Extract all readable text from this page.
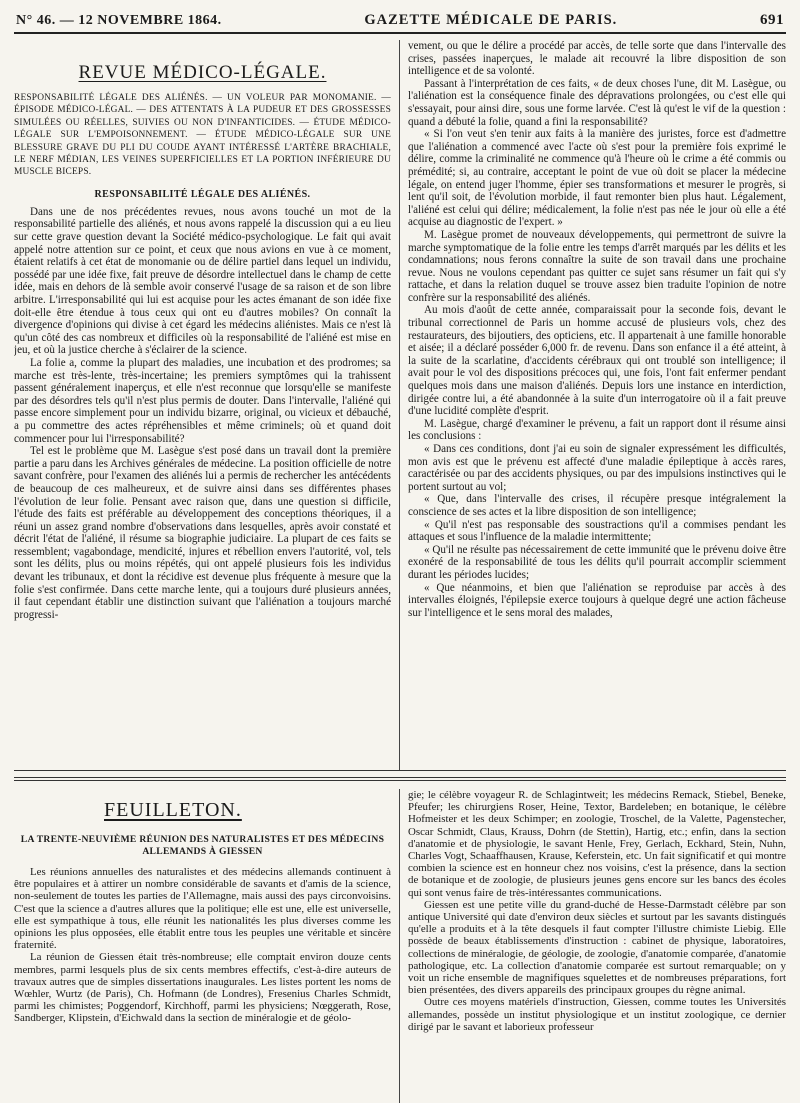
N° 46. — 12 NOVEMBRE 1864.	GAZETTE MÉDICALE DE PARIS.	691
REVUE MÉDICO-LÉGALE.
RESPONSABILITÉ LÉGALE DES ALIÉNÉS. — UN VOLEUR PAR MONOMANIE. — ÉPISODE MÉDICO-LÉGAL. — DES ATTENTATS À LA PUDEUR ET DES GROSSESSES SIMULÉES OU RÉELLES, SUIVIES OU NON D'INFANTICIDES. — ÉTUDE MÉDICO-LÉGALE SUR L'EMPOISONNEMENT. — ÉTUDE MÉDICO-LÉGALE SUR UNE BLESSURE GRAVE DU PLI DU COUDE AYANT INTÉRESSÉ L'ARTÈRE BRACHIALE, LE NERF MÉDIAN, LES VEINES SUPERFICIELLES ET LA PORTION INFÉRIEURE DU MUSCLE BICEPS.
RESPONSABILITÉ LÉGALE DES ALIÉNÉS.

Dans une de nos précédentes revues, nous avons touché un mot de la responsabilité partielle des aliénés, et nous avons rappelé la discussion qui a eu lieu sur cette grave question devant la Société médico-psychologique. Le fait qui avait appelé notre attention sur ce point, et ceux que nous avions en vue à ce moment, étaient relatifs à cet état de monomanie ou de délire partiel dans lequel un individu, possédé par une idée fixe, fait preuve de désordre intellectuel dans le champ de cette idée, mais en dehors de là semble avoir conservé l'usage de sa raison et de son libre arbitre. L'irresponsabilité qui lui est acquise pour les actes émanant de son idée fixe doit-elle être étendue à tous ceux qui ont eu d'autres mobiles? On connaît la divergence d'opinions qui divise à cet égard les médecins aliénistes. Mais ce n'est là qu'un côté des cas nombreux et difficiles où la responsabilité de l'aliéné est mise en jeu, et où la justice cherche à s'éclairer de la science.

La folie a, comme la plupart des maladies, une incubation et des prodromes; sa marche est très-lente, très-incertaine; les premiers symptômes qui la trahissent passent généralement inaperçus, et elle n'est reconnue que lorsqu'elle se manifeste par des désordres tels qu'il n'est plus permis de douter. Dans l'intervalle, l'aliéné qui passe encore simplement pour un individu bizarre, original, ou vicieux et débauché, a pu commettre des actes répréhensibles et même criminels; où et quand doit commencer pour lui l'irresponsabilité?

Tel est le problème que M. Lasègue s'est posé dans un travail dont la première partie a paru dans les Archives générales de médecine. La position officielle de notre savant confrère, pour l'examen des aliénés lui a permis de rechercher les antécédents de beaucoup de ces malheureux, et de suivre ainsi dans ses différentes phases l'évolution de leur folie. Pensant avec raison que, dans une question si difficile, l'étude des faits est préférable au développement des conceptions théoriques, il a réuni un assez grand nombre d'observations dans lesquelles, après avoir constaté et décrit l'état de l'aliéné, il résume sa biographie judiciaire. La plupart de ces faits se ressemblent; vagabondage, mendicité, injures et rébellion envers l'autorité, vol, tels sont les délits, plus ou moins répétés, qui ont appelé plusieurs fois les individus devant les tribunaux, et dont la récidive est devenue plus fréquente à mesure que la folie s'est confirmée. Dans cette marche lente, qui a toujours duré plusieurs années, il faut cependant établir une distinction suivant que l'aliénation a toujours marché progressi-

vement, ou que le délire a procédé par accès, de telle sorte que dans l'intervalle des crises, passées inaperçues, le malade ait recouvré la libre disposition de son intelligence et de sa volonté.

Passant à l'interprétation de ces faits, « de deux choses l'une, dit M. Lasègue, ou l'aliénation est la conséquence finale des dépravations prolongées, ou c'est elle qui s'essayait, pour ainsi dire, sous une forme larvée. C'est là qu'est le vif de la question : quand a débuté la folie, quand a fini la responsabilité?

« Si l'on veut s'en tenir aux faits à la manière des juristes, force est d'admettre que l'aliénation a commencé avec l'acte où s'est pour la première fois exprimé le délire, comme la criminalité ne commence qu'à l'heure où le crime a été commis ou prémédité; si, au contraire, acceptant le point de vue où doit se placer la médecine légale, on entend juger l'homme, épier ses transformations et mesurer le progrès, si lent qu'il soit, de l'évolution morbide, il faut remonter bien plus haut. Légalement, l'aliéné est celui qui délire; médicalement, la folie n'est pas née le jour où elle a été acquise au diagnostic de l'expert. »

M. Lasègue promet de nouveaux développements, qui permettront de suivre la marche symptomatique de la folie entre les temps d'arrêt marqués par les délits et les condamnations; nous ferons connaître la suite de son travail dans une prochaine revue. Nous ne voulons cependant pas quitter ce sujet sans résumer un fait qui s'y rattache, et dans la relation duquel se trouve assez bien traduite l'opinion de notre confrère sur la responsabilité des aliénés.

Au mois d'août de cette année, comparaissait pour la seconde fois, devant le tribunal correctionnel de Paris un homme accusé de plusieurs vols, chez des restaurateurs, des bijoutiers, des opticiens, etc. Il appartenait à une famille honorable et aisée; il a déclaré posséder 6,000 fr. de revenu. Dans son enfance il a été atteint, à la suite de la scarlatine, d'accidents cérébraux qui ont troublé son intelligence; il avait pour le vol des dispositions précoces qui, une fois, l'ont fait enfermer pendant quelques mois dans une maison d'aliénés. Depuis lors une instance en interdiction, dirigée contre lui, a été abandonnée à la suite d'un interrogatoire où il a fait preuve d'une lucidité complète d'esprit.

M. Lasègue, chargé d'examiner le prévenu, a fait un rapport dont il résume ainsi les conclusions :

« Dans ces conditions, dont j'ai eu soin de signaler expressément les difficultés, mon avis est que le prévenu est affecté d'une maladie épileptique à accès rares, caractérisée ou par des accidents physiques, ou par des impulsions instinctives qui le portent surtout au vol;

« Que, dans l'intervalle des crises, il récupère presque intégralement la conscience de ses actes et la libre disposition de son intelligence;

« Qu'il n'est pas responsable des soustractions qu'il a commises pendant les attaques et sous l'influence de la maladie intermittente;

« Qu'il ne résulte pas nécessairement de cette immunité que le prévenu doive être exonéré de la responsabilité de tous les délits qu'il pourrait accomplir sciemment durant les périodes lucides;

« Que néanmoins, et bien que l'aliénation se reproduise par accès à des intervalles éloignés, l'épilepsie exerce toujours à quelque degré une action fâcheuse sur l'intelligence et le sens moral des malades,

FEUILLETON.
LA TRENTE-NEUVIÈME RÉUNION DES NATURALISTES ET DES MÉDECINS ALLEMANDS À GIESSEN

Les réunions annuelles des naturalistes et des médecins allemands continuent à être populaires et à attirer un nombre considérable de savants et d'amis de la science, non-seulement de toutes les parties de l'Allemagne, mais aussi des pays circonvoisins. C'est que la science a d'autres allures que la politique; elle est une, elle est universelle, elle est sympathique à tous, elle réunit les nationalités les plus diverses comme les opinions les plus opposées, elle établit entre tous les peuples une véritable et sincère fraternité.

La réunion de Giessen était très-nombreuse; elle comptait environ douze cents membres, parmi lesquels plus de six cents membres effectifs, c'est-à-dire auteurs de travaux autres que de simples dissertations inaugurales. Les listes portent les noms de Wœhler, Wurtz (de Paris), Ch. Hofmann (de Londres), Fresenius Charles Schmidt, parmi les chimistes; Poggendorf, Kirchhoff, parmi les physiciens; Nœggerath, Rose, Sandberger, Klipstein, d'Eichwald dans la section de minéralogie et de géolo-

gie; le célèbre voyageur R. de Schlagintweit; les médecins Remack, Stiebel, Beneke, Pfeufer; les chirurgiens Roser, Heine, Textor, Bardeleben; en botanique, le célèbre Hofmeister et les deux Schimper; en zoologie, Troschel, de la Valette, Pagenstecher, Oscar Schmidt, Claus, Krauss, Dohrn (de Stettin), Hartig, etc.; enfin, dans la section d'anatomie et de physiologie, le savant Henle, Frey, Gerlach, Eckhard, Stein, Nuhn, Charles Vogt, Schaaffhausen, Krause, Keferstein, etc. Un fait significatif et qui montre combien la science est en honneur chez nos voisins, c'est la présence, dans la section de botanique et de zoologie, de plusieurs jeunes gens encore sur les bancs des écoles qui sont venus faire de très-intéressantes communications.

Giessen est une petite ville du grand-duché de Hesse-Darmstadt célèbre par son antique Université qui date d'environ deux siècles et surtout par les savants distingués qu'elle a produits et à la tête desquels il faut compter l'illustre chimiste Liebig. Elle possède de beaux établissements d'instruction : cabinet de physique, laboratoires, collections de minéralogie, de géologie, de zoologie, d'anatomie comparée, d'anatomie pathologique, etc. La collection d'anatomie comparée est surtout remarquable; on y voit un riche ensemble de magnifiques squelettes et de nombreuses préparations, fort bien présentées, des divers appareils des principaux groupes du règne animal.

Outre ces moyens matériels d'instruction, Giessen, comme toutes les Universités allemandes, possède un institut physiologique et un institut zoologique, ce dernier dirigé par le savant et laborieux professeur
